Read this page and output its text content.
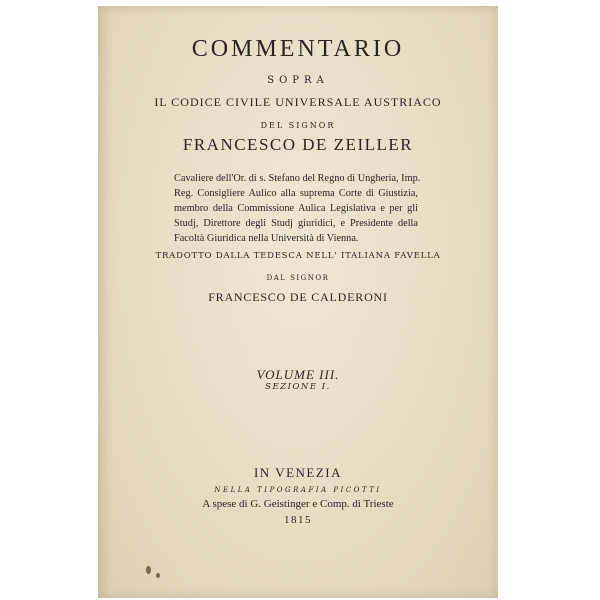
COMMENTARIO
SOPRA
IL CODICE CIVILE UNIVERSALE AUSTRIACO
DEL SIGNOR
FRANCESCO DE ZEILLER
Cavaliere dell'Or. di s. Stefano del Regno di Ungheria, Imp.
Reg. Consigliere Aulico alla suprema Corte di Giustizia,
membro della Commissione Aulica Legislativa e per gli
Studj, Direttore degli Studj giuridici, e Presidente della
Facoltà Giuridica nella Università di Vienna.
TRADOTTO DALLA TEDESCA NELL' ITALIANA FAVELLA
DAL SIGNOR
FRANCESCO DE CALDERONI
VOLUME III.
SEZIONE I.
IN VENEZIA
NELLA TIPOGRAFIA PICOTTI
A spese di G. Geistinger e Comp. di Trieste
1815
